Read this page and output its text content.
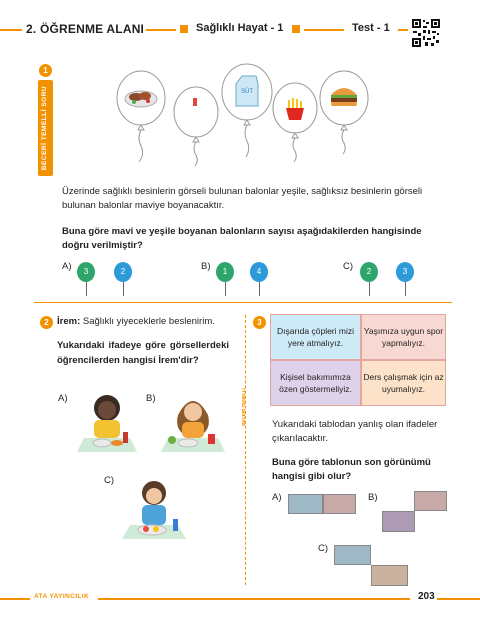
2. ÖĞRENME ALANI	Sağlıklı Hayat - 1	Test - 1
1
BECERİ TEMELLİ SORU	SÜT
Üzerinde sağlıklı besinlerin görseli bulunan balonlar yeşile, sağlıksız besinlerin görseli bulunan balonlar maviye boyanacaktır.
Buna göre mavi ve yeşile boyanan balonların sayısı aşağıdakilerden hangisinde doğru verilmiştir?
A)	3	2	B)	1	4	C)	2	3
BECERİ TEMELLİ
2 İrem: Sağlıklı yiyeceklerle beslenirim.
Yukarıdaki ifadeye göre görsellerdeki öğrencilerden hangisi İrem'dir?
A)	B)
C)
3
Dışarıda çöpleri mizi yere atmalıyız.
Yaşımıza uygun spor yapmalıyız.
Kişisel bakımımıza özen göstermeliyiz.
Ders çalışmak için az uyumalıyız.
Yukarıdaki tablodan yanlış olan ifadeler çıkarılacaktır.
Buna göre tablonun son görünümü hangisi gibi olur?
A)	B)
C)
ATA YAYINCILIK	203
